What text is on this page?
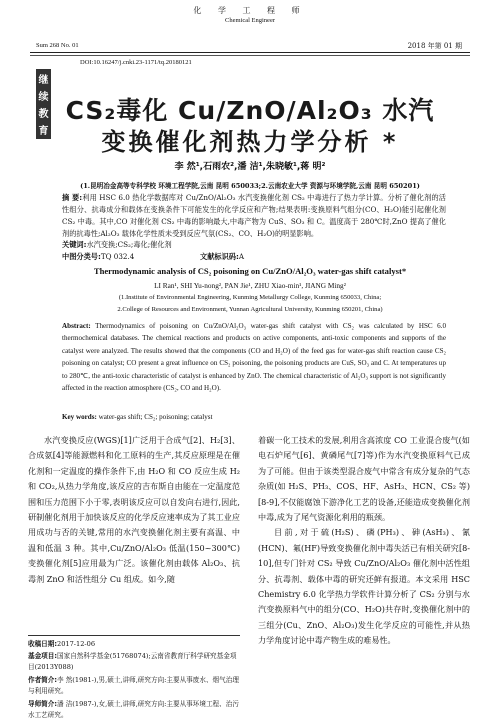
化 学 工 程 师
Chemical Engineer
Sum 268 No. 01	2018 年第 01 期
继
续
教
育
DOI:10.16247/j.cnki.23-1171/tq.20180121
CS₂毒化 Cu/ZnO/Al₂O₃ 水汽
变换催化剂热力学分析 *
李 然¹,石雨农²,潘 洁¹,朱晓敏¹,蒋 明²
(1.昆明冶金高等专科学校 环境工程学院,云南 昆明 650033;2.云南农业大学 资源与环境学院,云南 昆明 650201)
摘 要:利用 HSC 6.0 热化学数据库对 Cu/ZnO/Al₂O₃ 水汽变换催化剂 CS₂ 中毒进行了热力学计算。分析了催化剂的活性组分、抗毒成分和载体在变换条件下可能发生的化学反应和产物;结果表明:变换原料气组分(CO、H₂O)能引起催化剂 CS₂ 中毒。其中,CO 对催化剂 CS₂ 中毒的影响最大,中毒产物为 CuS、SO₃ 和 C。温度高于 280℃时,ZnO 提高了催化剂的抗毒性;Al₂O₃ 载体化学性质未受到反应气氛(CS₂、CO、H₂O)的明显影响。
关键词:水汽变换;CS₂;毒化;催化剂
中图分类号:TQ 032.4	文献标识码:A
Thermodynamic analysis of CS₂ poisoning on Cu/ZnO/Al₂O₃ water-gas shift catalyst*
LI Ran¹, SHI Yu-nong², PAN Jie¹, ZHU Xiao-min¹, JIANG Ming²
(1.Institute of Environmental Engineering, Kunming Metallurgy College, Kunming 650033, China;
2.College of Resources and Environment, Yunnan Agricultural University, Kunming 650201, China)
Abstract: Thermodynamics of poisoning on Cu/ZnO/Al₂O₃ water-gas shift catalyst with CS₂ was calculated by HSC 6.0 thermochemical databases. The chemical reactions and products on active components, anti-toxic components and supports of the catalyst were analyzed. The results showed that the components (CO and H₂O) of the feed gas for water-gas shift reaction cause CS₂ poisoning on catalyst; CO present a great influence on CS₂ poisoning, the poisoning products are CuS, SO₃ and C. At temperatures up to 280℃, the anti-toxic characteristic of catalyst is enhanced by ZnO. The chemical characteristic of Al₂O₃ support is not significantly affected in the reaction atmosphere (CS₂, CO and H₂O).
Key words: water-gas shift; CS₂; poisoning; catalyst
水汽变换反应(WGS)[1]广泛用于合成气[2]、H₂[3]、合成氨[4]等能源燃料和化工原料的生产,其反应原理是在催化剂和一定温度的操作条件下,由 H₂O 和 CO 反应生成 H₂ 和 CO₂,从热力学角度,该反应的吉布斯自由能在一定温度范围和压力范围下小于零,表明该反应可以自发向右进行,因此,研制催化剂用于加快该反应的化学反应速率成为了其工业应用成功与否的关键,常用的水汽变换催化剂主要有高温、中温和低温 3 种。其中,Cu/ZnO/Al₂O₃ 低温(150~300℃)变换催化剂[5]应用最为广泛。该催化剂由载体 Al₂O₃、抗毒剂 ZnO 和活性组分 Cu 组成。如今,随
着碳一化工技术的发展,利用含高浓度 CO 工业混合废气(如电石炉尾气[6]、黄磷尾气[7]等)作为水汽变换原料气已成为了可能。但由于该类型混合废气中常含有成分复杂的气态杂质(如 H₂S、PH₃、COS、HF、AsH₃、HCN、CS₂ 等)[8-9],不仅能腐蚀下游净化工艺的设备,还能造成变换催化剂中毒,成为了尾气资源化利用的瓶颈。
目前,对于硫(H₂S)、磷(PH₃)、砷(AsH₃)、氰(HCN)、氟(HF)导致变换催化剂中毒失活已有相关研究[8-10],但专门针对 CS₂ 导致 Cu/ZnO/Al₂O₃ 催化剂中活性组分、抗毒剂、载体中毒的研究还鲜有报道。本文采用 HSC Chemistry 6.0 化学热力学软件计算分析了 CS₂ 分别与水汽变换原料气中的组分(CO、H₂O)共存时,变换催化剂中的三组分(Cu、ZnO、Al₂O₃)发生化学反应的可能性,并从热力学角度讨论中毒产物生成的难易性。
收稿日期:2017-12-06
基金项目:国家自然科学基金(51768074);云南省教育厅科学研究基金项目(2013Y088)
作者简介:李 然(1981-),男,硕士,讲师,研究方向:主要从事废水、烟气治理与利用研究。
导师简介:潘 洁(1987-),女,硕士,讲师,研究方向:主要从事环境工程、治污水工艺研究。
